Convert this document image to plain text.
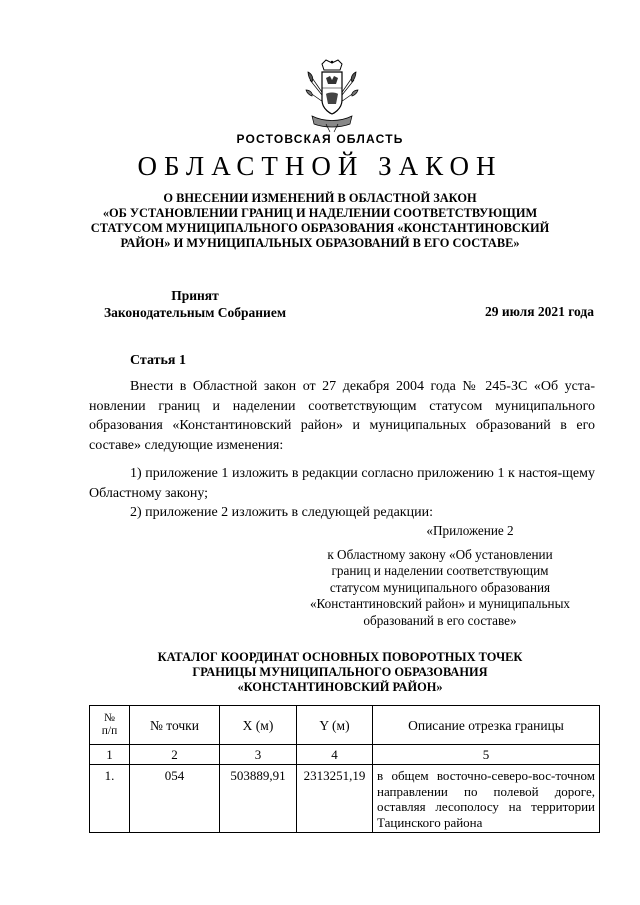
РОСТОВСКАЯ ОБЛАСТЬ
ОБЛАСТНОЙ ЗАКОН
О ВНЕСЕНИИ ИЗМЕНЕНИЙ В ОБЛАСТНОЙ ЗАКОН
«ОБ УСТАНОВЛЕНИИ ГРАНИЦ И НАДЕЛЕНИИ СООТВЕТСТВУЮЩИМ
СТАТУСОМ МУНИЦИПАЛЬНОГО ОБРАЗОВАНИЯ «КОНСТАНТИНОВСКИЙ
РАЙОН» И МУНИЦИПАЛЬНЫХ ОБРАЗОВАНИЙ В ЕГО СОСТАВЕ»
Принят
Законодательным Собранием	29 июля 2021 года
Статья 1

Внести в Областной закон от 27 декабря 2004 года № 245-ЗС «Об уста-новлении границ и наделении соответствующим статусом муниципального образования «Константиновский район» и муниципальных образований в его составе» следующие изменения:

1) приложение 1 изложить в редакции согласно приложению 1 к настоя-щему Областному закону;

2) приложение 2 изложить в следующей редакции:

«Приложение 2
к Областному закону «Об установлении
границ и наделении соответствующим
статусом муниципального образования
«Константиновский район» и муниципальных
образований в его составе»
КАТАЛОГ КООРДИНАТ ОСНОВНЫХ ПОВОРОТНЫХ ТОЧЕК
ГРАНИЦЫ МУНИЦИПАЛЬНОГО ОБРАЗОВАНИЯ
«КОНСТАНТИНОВСКИЙ РАЙОН»
№
п/п	№ точки	X (м)	Y (м)	Описание отрезка границы
1	2	3	4	5
1.	054	503889,91	2313251,19	в общем восточно-северо-вос-точном направлении по полевой дороге, оставляя лесополосу на территории Тацинского района
